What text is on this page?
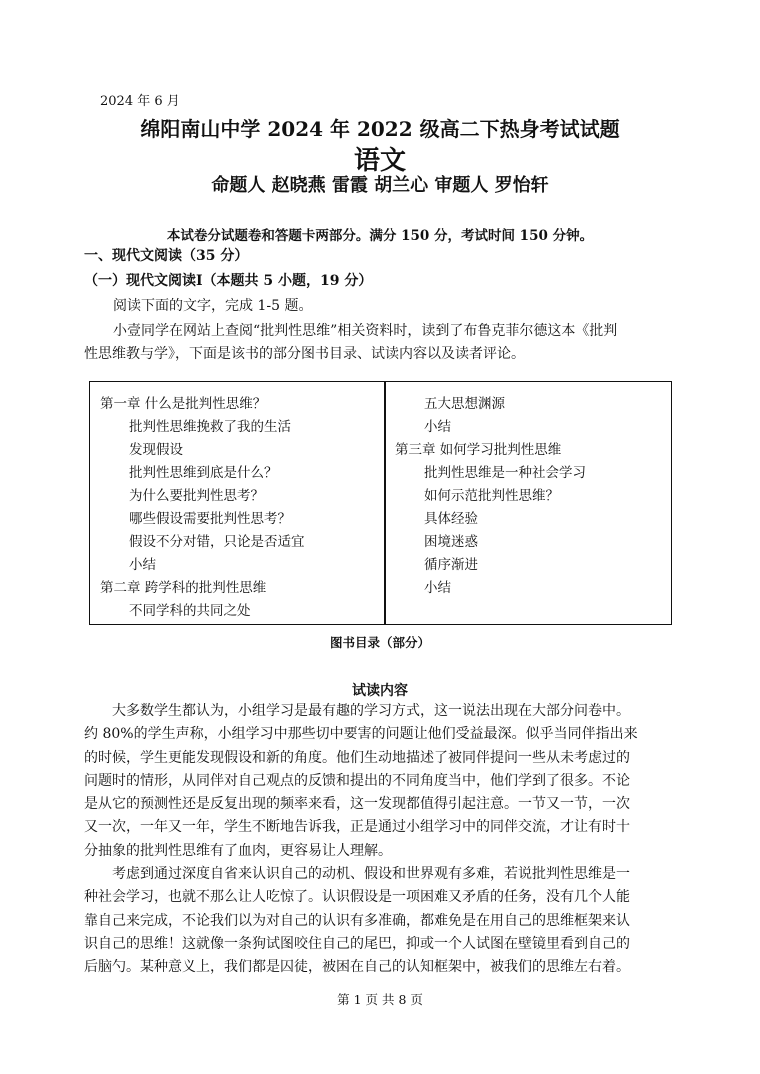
2024 年 6 月
绵阳南山中学 2024 年 2022 级高二下热身考试试题
语文
命题人 赵晓燕 雷霞 胡兰心 审题人 罗怡轩
本试卷分试题卷和答题卡两部分。满分 150 分，考试时间 150 分钟。
一、现代文阅读（35 分）
（一）现代文阅读Ⅰ（本题共 5 小题，19 分）
阅读下面的文字，完成 1-5 题。
小壹同学在网站上查阅“批判性思维”相关资料时，读到了布鲁克菲尔德这本《批判
性思维教与学》，下面是该书的部分图书目录、试读内容以及读者评论。
第一章 什么是批判性思维？
批判性思维挽救了我的生活
发现假设
批判性思维到底是什么？
为什么要批判性思考？
哪些假设需要批判性思考？
假设不分对错，只论是否适宜
小结
第二章 跨学科的批判性思维
不同学科的共同之处
五大思想渊源
小结
第三章 如何学习批判性思维
批判性思维是一种社会学习
如何示范批判性思维？
具体经验
困境迷惑
循序渐进
小结
图书目录（部分）
试读内容
大多数学生都认为，小组学习是最有趣的学习方式，这一说法出现在大部分问卷中。
约 80%的学生声称，小组学习中那些切中要害的问题让他们受益最深。似乎当同伴指出来
的时候，学生更能发现假设和新的角度。他们生动地描述了被同伴提问一些从未考虑过的
问题时的情形，从同伴对自己观点的反馈和提出的不同角度当中，他们学到了很多。不论
是从它的预测性还是反复出现的频率来看，这一发现都值得引起注意。一节又一节，一次
又一次，一年又一年，学生不断地告诉我，正是通过小组学习中的同伴交流，才让有时十
分抽象的批判性思维有了血肉，更容易让人理解。
考虑到通过深度自省来认识自己的动机、假设和世界观有多难，若说批判性思维是一
种社会学习，也就不那么让人吃惊了。认识假设是一项困难又矛盾的任务，没有几个人能
靠自己来完成，不论我们以为对自己的认识有多准确，都难免是在用自己的思维框架来认
识自己的思维！这就像一条狗试图咬住自己的尾巴，抑或一个人试图在壁镜里看到自己的
后脑勺。某种意义上，我们都是囚徒，被困在自己的认知框架中，被我们的思维左右着。
第 1 页 共 8 页
